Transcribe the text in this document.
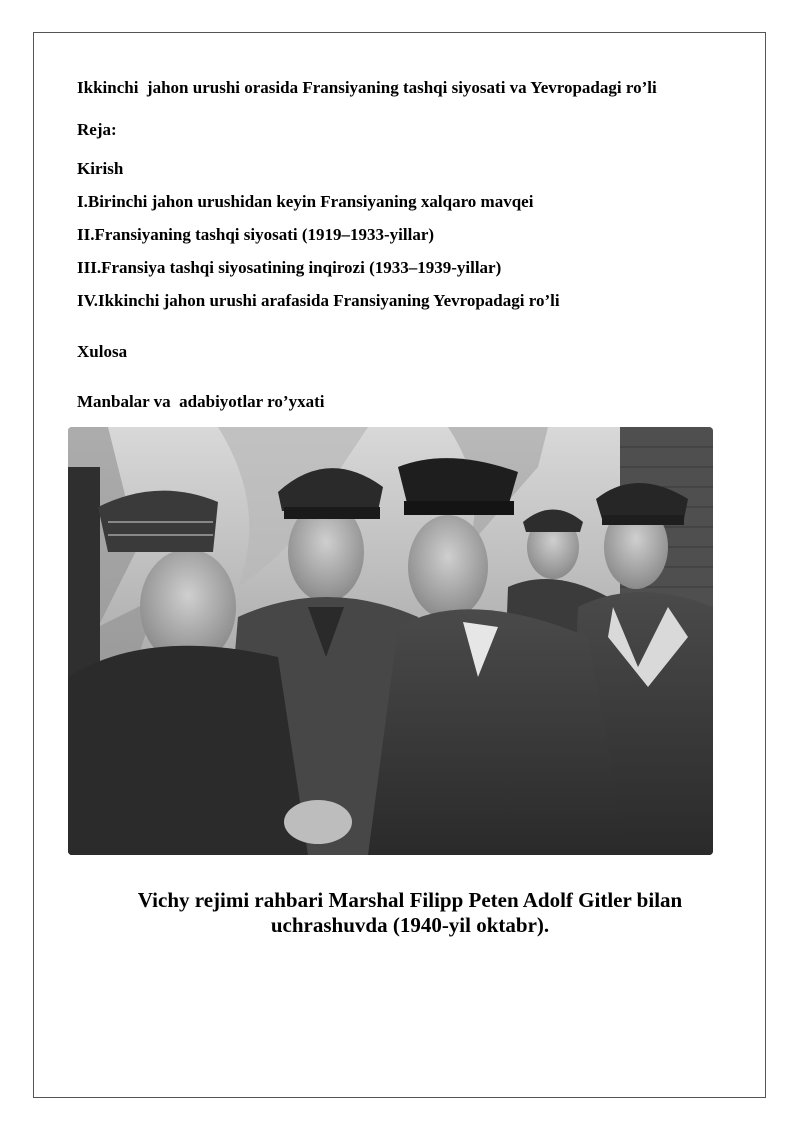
Ikkinchi  jahon urushi orasida Fransiyaning tashqi siyosati va Yevropadagi ro’li
Reja:
Kirish
I.Birinchi jahon urushidan keyin Fransiyaning xalqaro mavqei
II.Fransiyaning tashqi siyosati (1919–1933-yillar)
III.Fransiya tashqi siyosatining inqirozi (1933–1939-yillar)
IV.Ikkinchi jahon urushi arafasida Fransiyaning Yevropadagi ro’li
Xulosa
Manbalar va  adabiyotlar ro’yxati
Vichy rejimi rahbari Marshal Filipp Peten Adolf Gitler bilan
uchrashuvda (1940-yil oktabr).
